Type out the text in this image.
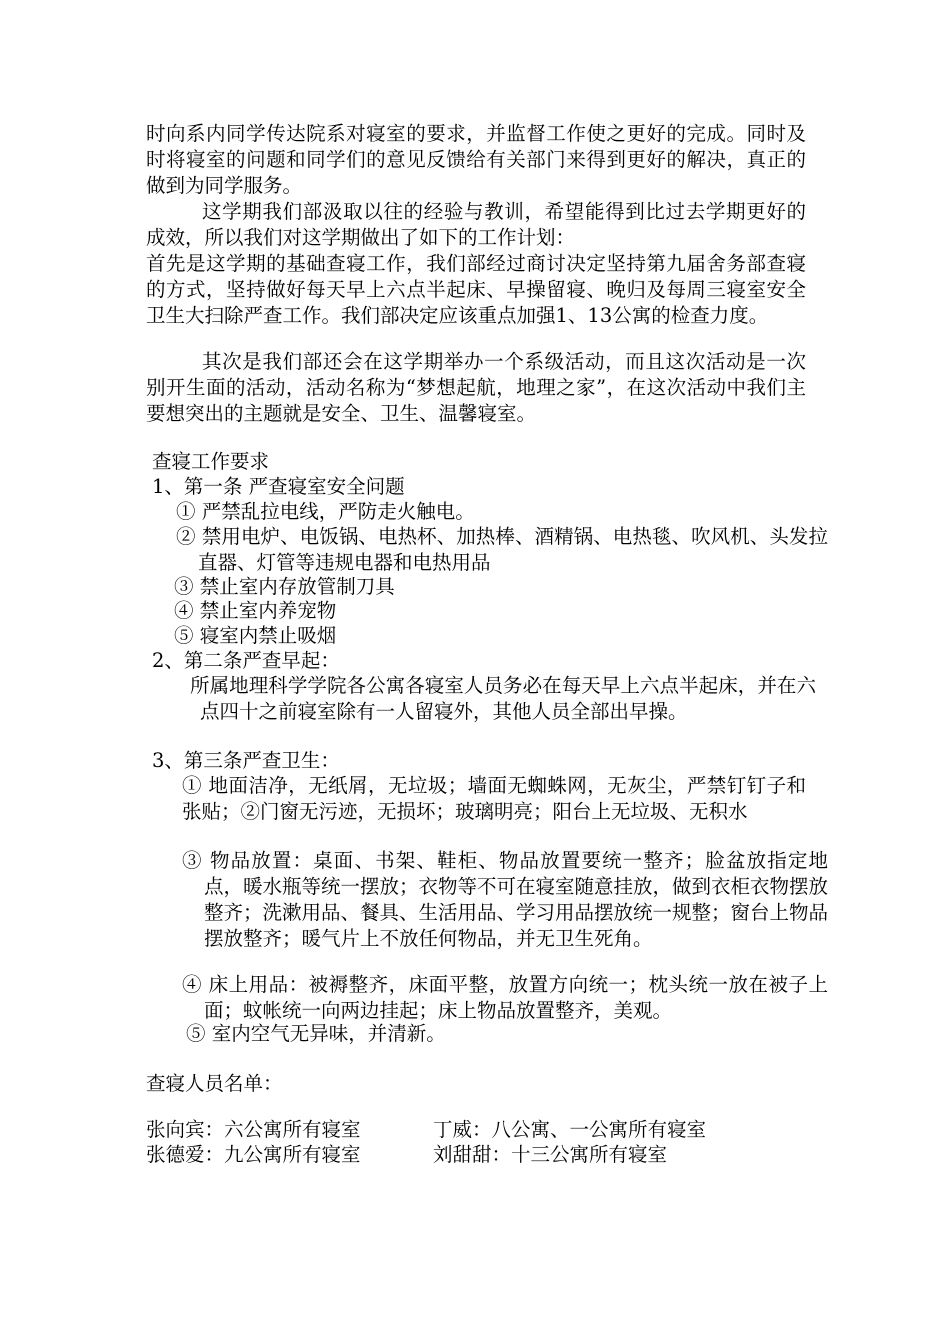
时向系内同学传达院系对寝室的要求，并监督工作使之更好的完成。同时及时将寝室的问题和同学们的意见反馈给有关部门来得到更好的解决，真正的做到为同学服务。

这学期我们部汲取以往的经验与教训，希望能得到比过去学期更好的成效，所以我们对这学期做出了如下的工作计划：

首先是这学期的基础查寝工作，我们部经过商讨决定坚持第九届舍务部查寝的方式，坚持做好每天早上六点半起床、早操留寝、晚归及每周三寝室安全卫生大扫除严查工作。我们部决定应该重点加强1、13公寓的检查力度。

其次是我们部还会在这学期举办一个系级活动，而且这次活动是一次别开生面的活动，活动名称为“梦想起航，地理之家”，在这次活动中我们主要想突出的主题就是安全、卫生、温馨寝室。

查寝工作要求

1、第一条 严查寝室安全问题

① 严禁乱拉电线，严防走火触电。

② 禁用电炉、电饭锅、电热杯、加热棒、酒精锅、电热毯、吹风机、头发拉直器、灯管等违规电器和电热用品

③ 禁止室内存放管制刀具

④ 禁止室内养宠物

⑤ 寝室内禁止吸烟

2、第二条严查早起：

所属地理科学学院各公寓各寝室人员务必在每天早上六点半起床，并在六点四十之前寝室除有一人留寝外，其他人员全部出早操。

3、第三条严查卫生：

① 地面洁净，无纸屑，无垃圾；墙面无蜘蛛网，无灰尘，严禁钉钉子和张贴；②门窗无污迹，无损坏；玻璃明亮；阳台上无垃圾、无积水

③ 物品放置：桌面、书架、鞋柜、物品放置要统一整齐；脸盆放指定地点，暖水瓶等统一摆放；衣物等不可在寝室随意挂放，做到衣柜衣物摆放整齐；洗漱用品、餐具、生活用品、学习用品摆放统一规整；窗台上物品摆放整齐；暖气片上不放任何物品，并无卫生死角。

④ 床上用品：被褥整齐，床面平整，放置方向统一；枕头统一放在被子上面；蚊帐统一向两边挂起；床上物品放置整齐，美观。

⑤ 室内空气无异味，并清新。

查寝人员名单：

张向宾：六公寓所有寝室	丁威：八公寓、一公寓所有寝室

张德爱：九公寓所有寝室	刘甜甜：十三公寓所有寝室
